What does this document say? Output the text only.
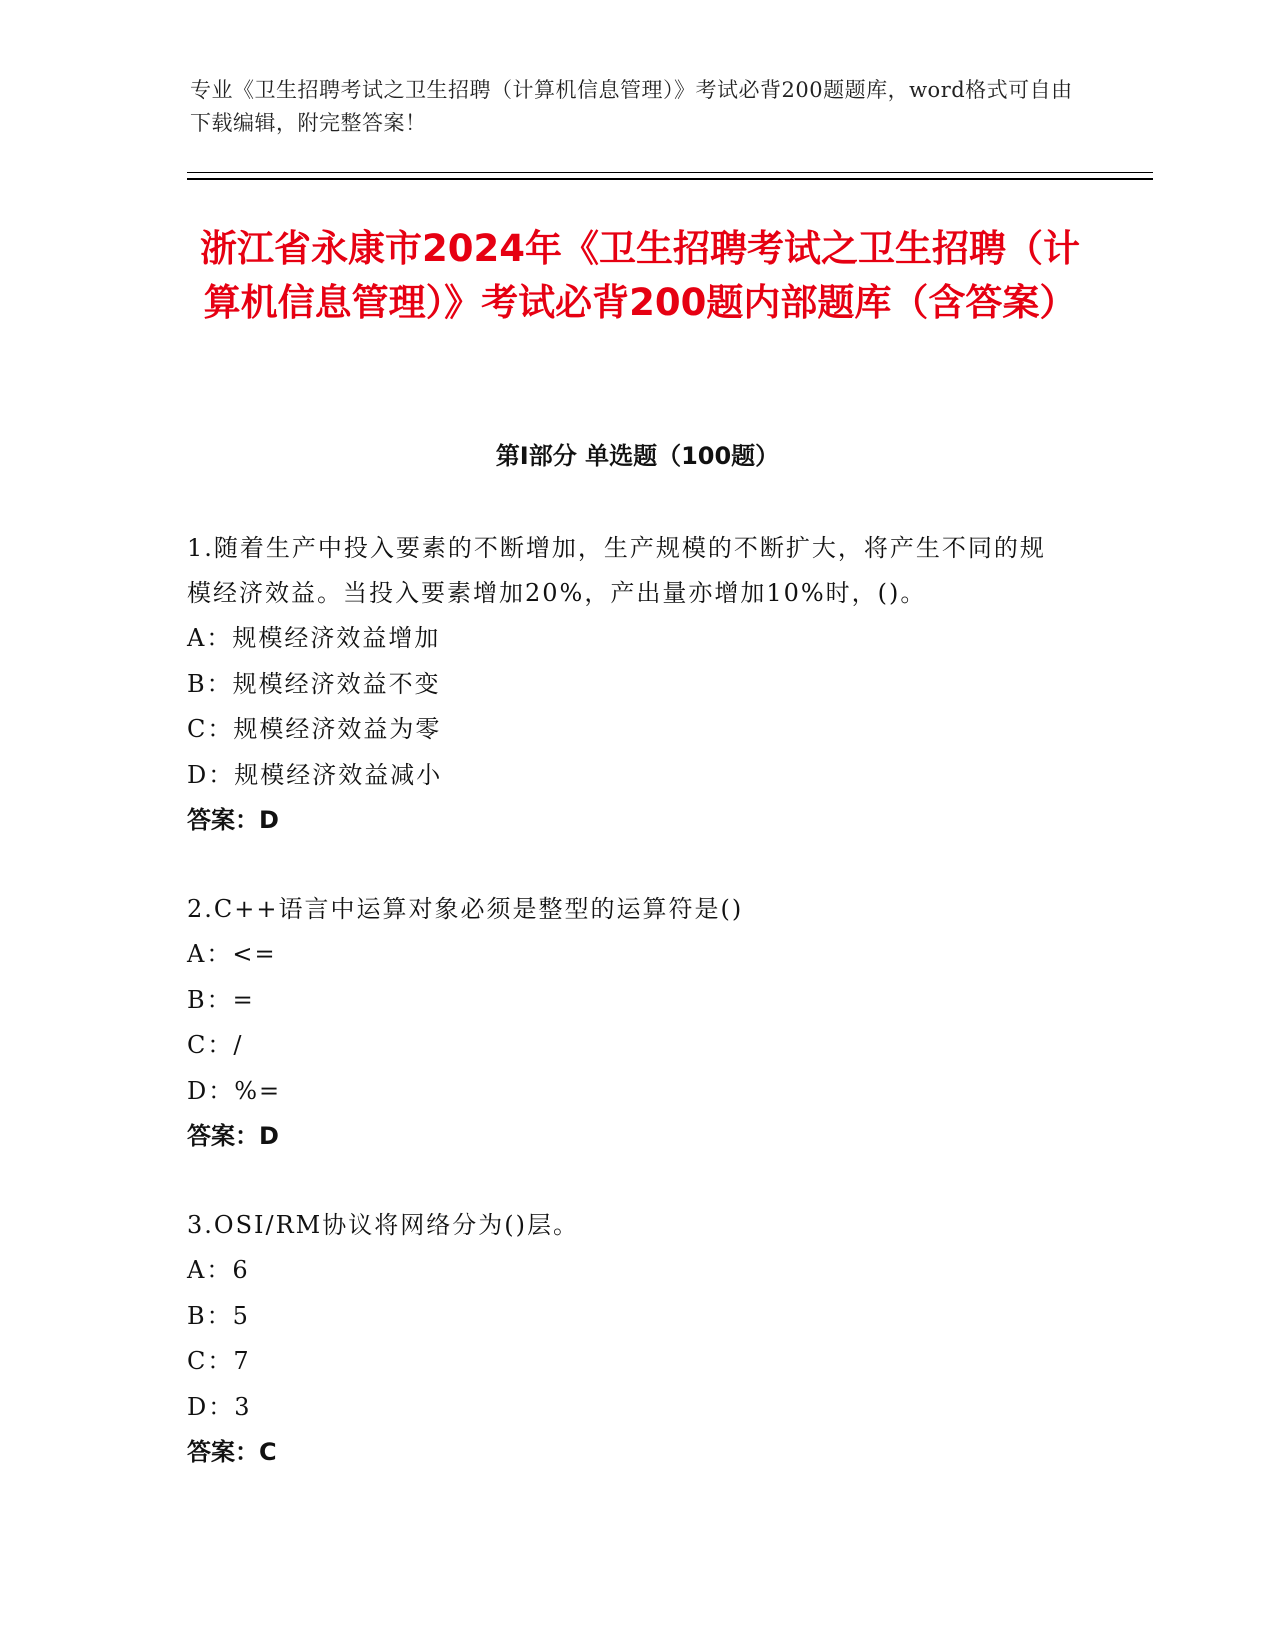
专业《卫生招聘考试之卫生招聘（计算机信息管理）》考试必背200题题库，word格式可自由下载编辑，附完整答案！
浙江省永康市2024年《卫生招聘考试之卫生招聘（计算机信息管理）》考试必背200题内部题库（含答案）
第Ⅰ部分 单选题（100题）
1.随着生产中投入要素的不断增加，生产规模的不断扩大，将产生不同的规模经济效益。当投入要素增加20%，产出量亦增加10%时，()。
A：规模经济效益增加
B：规模经济效益不变
C：规模经济效益为零
D：规模经济效益减小
答案：D
2.C++语言中运算对象必须是整型的运算符是()
A：<=
B：=
C：/
D：%=
答案：D
3.OSI/RM协议将网络分为()层。
A：6
B：5
C：7
D：3
答案：C
